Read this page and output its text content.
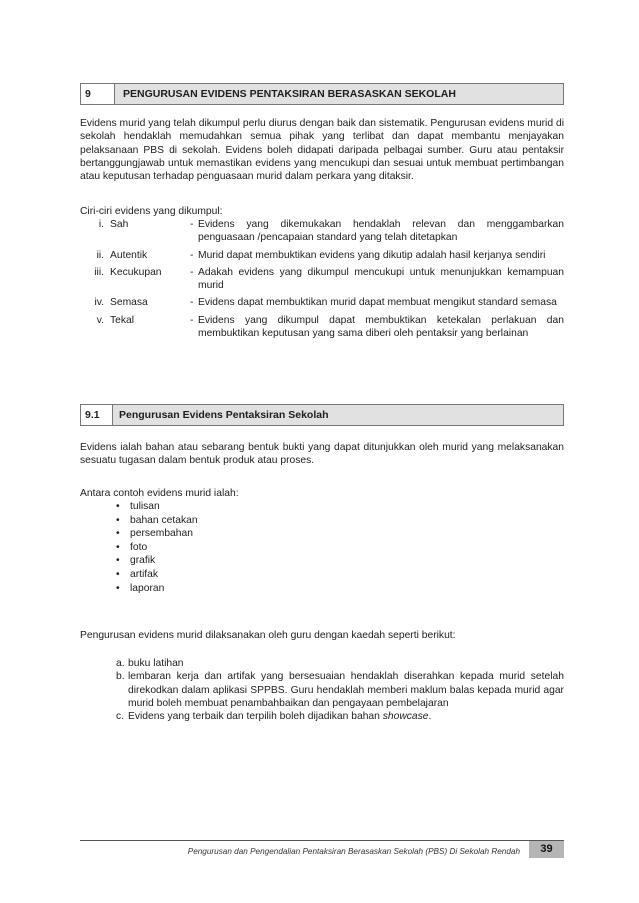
9	PENGURUSAN EVIDENS PENTAKSIRAN BERASASKAN SEKOLAH

Evidens murid yang telah dikumpul perlu diurus dengan baik dan sistematik. Pengurusan evidens murid di sekolah hendaklah memudahkan semua pihak yang terlibat dan dapat membantu menjayakan pelaksanaan PBS di sekolah. Evidens boleh didapati daripada pelbagai sumber. Guru atau pentaksir bertanggungjawab untuk memastikan evidens yang mencukupi dan sesuai untuk membuat pertimbangan atau keputusan terhadap penguasaan murid dalam perkara yang ditaksir.

Ciri-ciri evidens yang dikumpul:

i. Sah	- Evidens yang dikemukakan hendaklah relevan dan menggambarkan penguasaan /pencapaian standard yang telah ditetapkan
ii. Autentik	- Murid dapat membuktikan evidens yang dikutip adalah hasil kerjanya sendiri
iii. Kecukupan	- Adakah evidens yang dikumpul mencukupi untuk menunjukkan kemampuan murid
iv. Semasa	- Evidens dapat membuktikan murid dapat membuat mengikut standard semasa
v. Tekal	- Evidens yang dikumpul dapat membuktikan ketekalan perlakuan dan membuktikan keputusan yang sama diberi oleh pentaksir yang berlainan
9.1	Pengurusan Evidens Pentaksiran Sekolah

Evidens ialah bahan atau sebarang bentuk bukti yang dapat ditunjukkan oleh murid yang melaksanakan sesuatu tugasan dalam bentuk produk atau proses.

Antara contoh evidens murid ialah:

•	tulisan
•	bahan cetakan
•	persembahan
•	foto
•	grafik
•	artifak
•	laporan

Pengurusan evidens murid dilaksanakan oleh guru dengan kaedah seperti berikut:

a. buku latihan
b. lembaran kerja dan artifak yang bersesuaian hendaklah diserahkan kepada murid setelah direkodkan dalam aplikasi SPPBS. Guru hendaklah memberi maklum balas kepada murid agar murid boleh membuat penambahbaikan dan pengayaan pembelajaran
c. Evidens yang terbaik dan terpilih boleh dijadikan bahan showcase.
Pengurusan dan Pengendalian Pentaksiran Berasaskan Sekolah (PBS) Di Sekolah Rendah	39
